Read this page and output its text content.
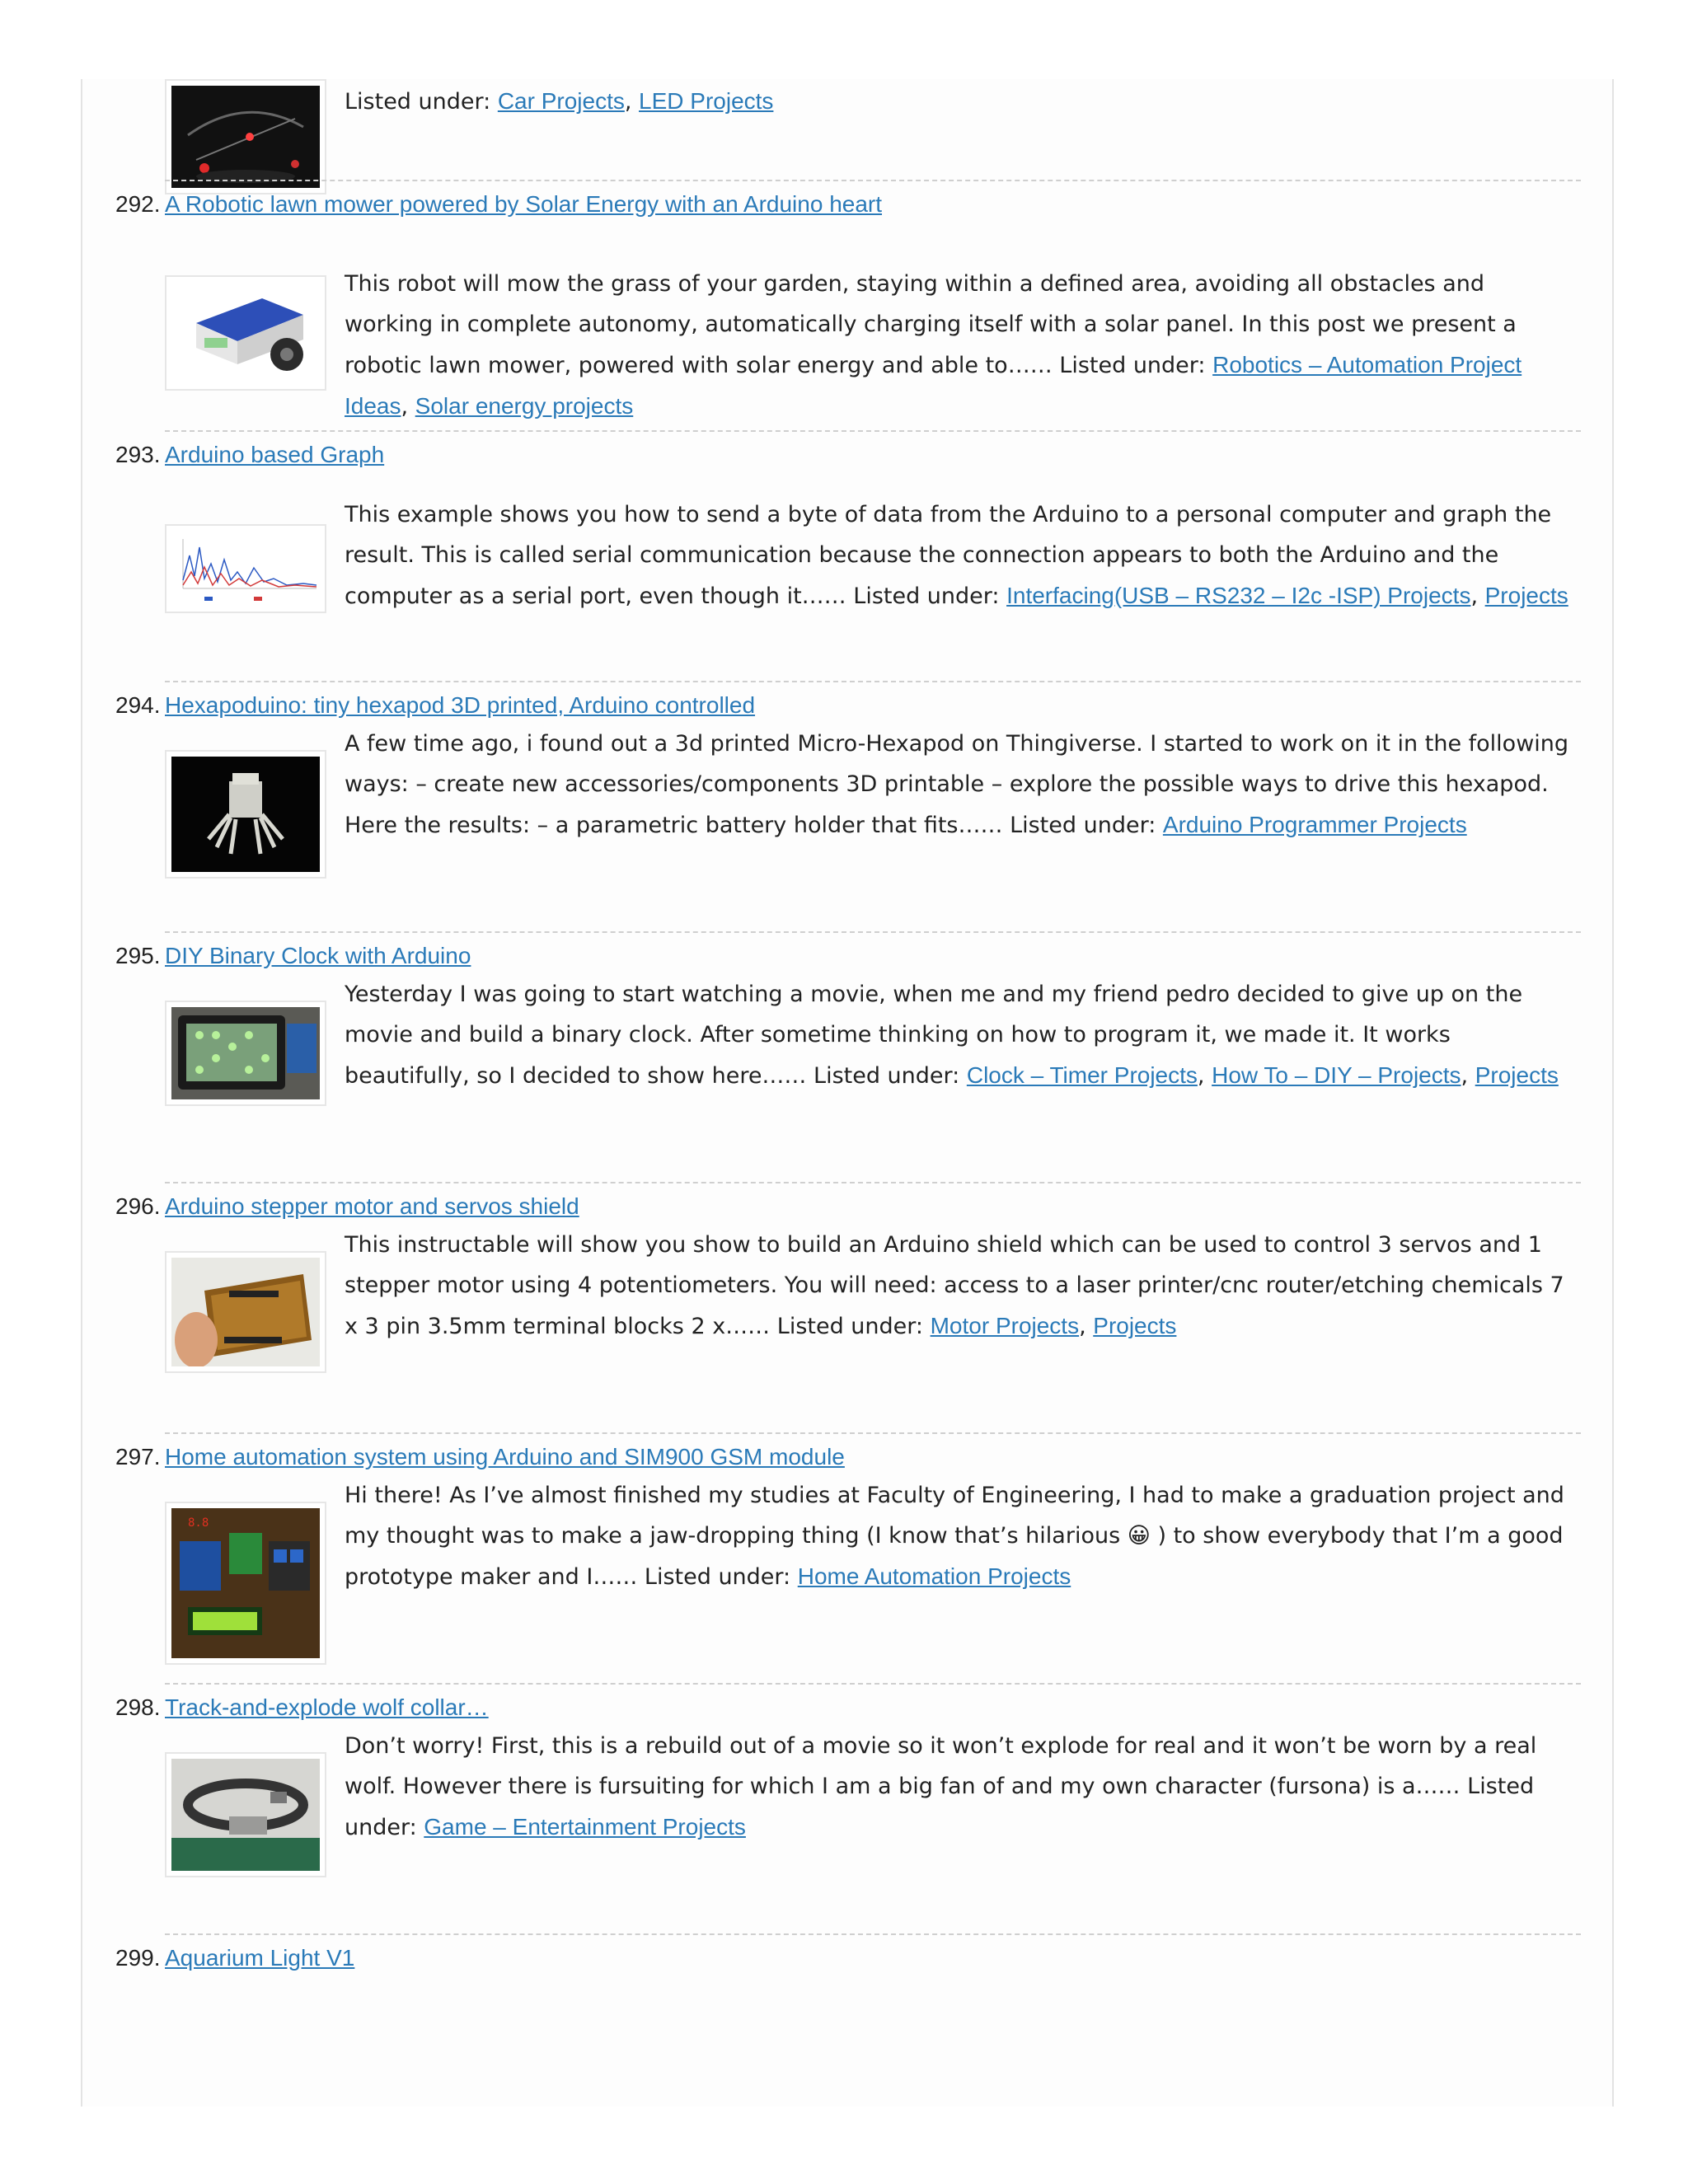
Listed under: Car Projects, LED Projects
292. A Robotic lawn mower powered by Solar Energy with an Arduino heart
This robot will mow the grass of your garden, staying within a defined area, avoiding all obstacles and working in complete autonomy, automatically charging itself with a solar panel. In this post we present a robotic lawn mower, powered with solar energy and able to…… Listed under: Robotics – Automation Project Ideas, Solar energy projects
293. Arduino based Graph
This example shows you how to send a byte of data from the Arduino to a personal computer and graph the result. This is called serial communication because the connection appears to both the Arduino and the computer as a serial port, even though it…… Listed under: Interfacing(USB – RS232 – I2c -ISP) Projects, Projects
294. Hexapoduino: tiny hexapod 3D printed, Arduino controlled
A few time ago, i found out a 3d printed Micro-Hexapod on Thingiverse. I started to work on it in the following ways: – create new accessories/components 3D printable – explore the possible ways to drive this hexapod. Here the results: – a parametric battery holder that fits…… Listed under: Arduino Programmer Projects
295. DIY Binary Clock with Arduino
Yesterday I was going to start watching a movie, when me and my friend pedro decided to give up on the movie and build a binary clock. After sometime thinking on how to program it, we made it. It works beautifully, so I decided to show here…… Listed under: Clock – Timer Projects, How To – DIY – Projects, Projects
296. Arduino stepper motor and servos shield
This instructable will show you show to build an Arduino shield which can be used to control 3 servos and 1 stepper motor using 4 potentiometers. You will need: access to a laser printer/cnc router/etching chemicals 7 x 3 pin 3.5mm terminal blocks 2 x…… Listed under: Motor Projects, Projects
297. Home automation system using Arduino and SIM900 GSM module
8.8
Hi there! As I’ve almost finished my studies at Faculty of Engineering, I had to make a graduation project and my thought was to make a jaw-dropping thing (I know that’s hilarious 😀 ) to show everybody that I’m a good prototype maker and I…… Listed under: Home Automation Projects
298. Track-and-explode wolf collar…
Don’t worry! First, this is a rebuild out of a movie so it won’t explode for real and it won’t be worn by a real wolf. However there is fursuiting for which I am a big fan of and my own character (fursona) is a…… Listed under: Game – Entertainment Projects
299. Aquarium Light V1
